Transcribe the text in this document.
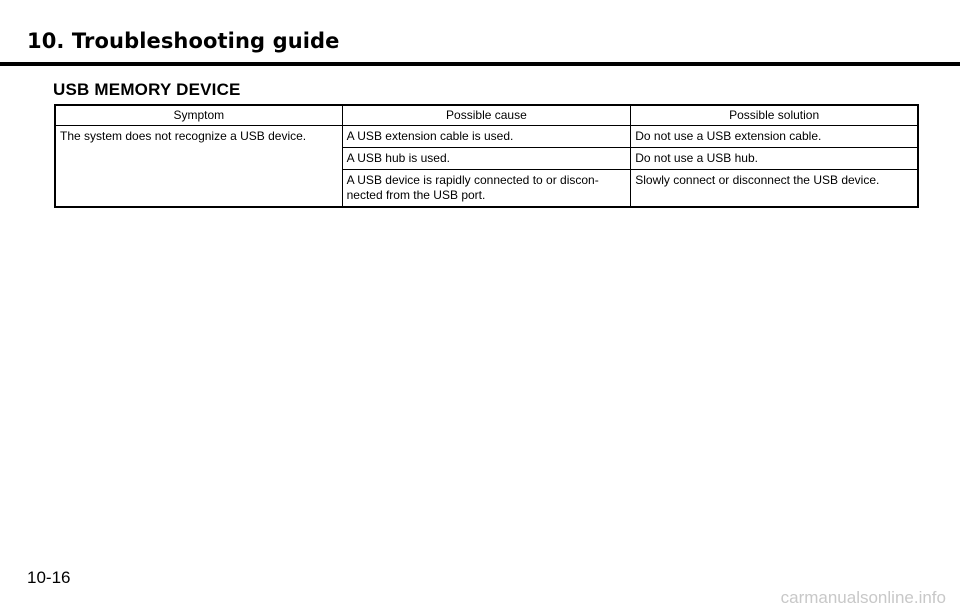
10. Troubleshooting guide
USB MEMORY DEVICE
Symptom	Possible cause	Possible solution
The system does not recognize a USB device.	A USB extension cable is used.	Do not use a USB extension cable.
	A USB hub is used.	Do not use a USB hub.
	A USB device is rapidly connected to or discon-
nected from the USB port.	Slowly connect or disconnect the USB device.

10-16

carmanualsonline.info
